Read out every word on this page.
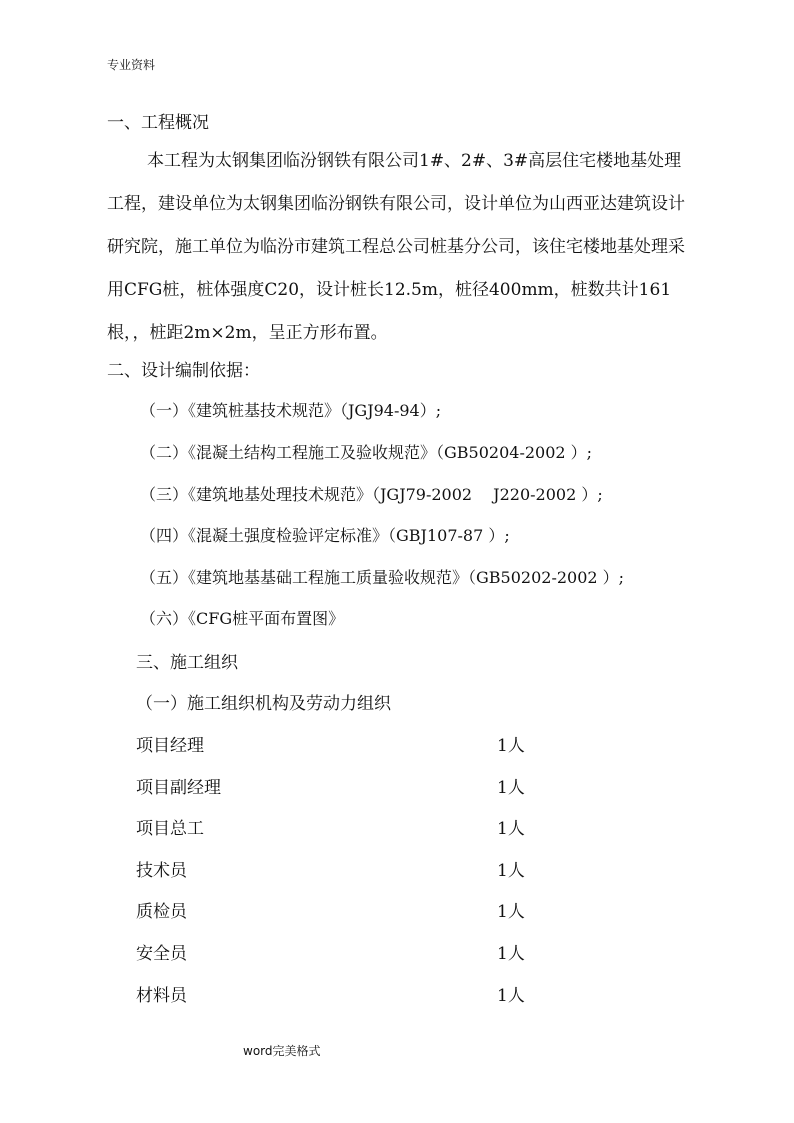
专业资料
一、工程概况
本工程为太钢集团临汾钢铁有限公司1#、2#、3#高层住宅楼地基处理工程，建设单位为太钢集团临汾钢铁有限公司，设计单位为山西亚达建筑设计研究院，施工单位为临汾市建筑工程总公司桩基分公司，该住宅楼地基处理采用CFG桩，桩体强度C20，设计桩长12.5m，桩径400mm，桩数共计161根，，桩距2m×2m，呈正方形布置。
二、设计编制依据：
（一）《建筑桩基技术规范》（JGJ94-94）;
（二）《混凝土结构工程施工及验收规范》（GB50204-2002 ）;
（三）《建筑地基处理技术规范》（JGJ79-2002　 J220-2002 ）;
（四）《混凝土强度检验评定标准》（GBJ107-87 ）;
（五）《建筑地基基础工程施工质量验收规范》（GB50202-2002 ）;
（六）《CFG桩平面布置图》
三、施工组织
（一）施工组织机构及劳动力组织
项目经理	1人
项目副经理	1人
项目总工	1人
技术员	1人
质检员	1人
安全员	1人
材料员	1人
word完美格式
